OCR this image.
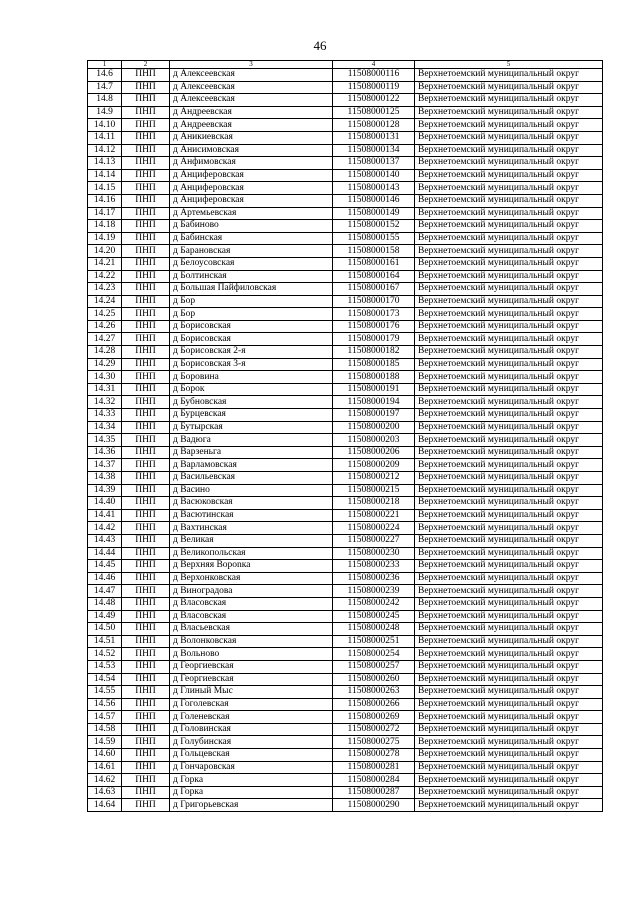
46
1	2	3	4	5
14.6	ПНП	д Алексеевская	11508000116	Верхнетоемский муниципальный округ
14.7	ПНП	д Алексеевская	11508000119	Верхнетоемский муниципальный округ
14.8	ПНП	д Алексеевская	11508000122	Верхнетоемский муниципальный округ
14.9	ПНП	д Андреевская	11508000125	Верхнетоемский муниципальный округ
14.10	ПНП	д Андреевская	11508000128	Верхнетоемский муниципальный округ
14.11	ПНП	д Аникиевская	11508000131	Верхнетоемский муниципальный округ
14.12	ПНП	д Анисимовская	11508000134	Верхнетоемский муниципальный округ
14.13	ПНП	д Анфимовская	11508000137	Верхнетоемский муниципальный округ
14.14	ПНП	д Анциферовская	11508000140	Верхнетоемский муниципальный округ
14.15	ПНП	д Анциферовская	11508000143	Верхнетоемский муниципальный округ
14.16	ПНП	д Анциферовская	11508000146	Верхнетоемский муниципальный округ
14.17	ПНП	д Артемьевская	11508000149	Верхнетоемский муниципальный округ
14.18	ПНП	д Бабиново	11508000152	Верхнетоемский муниципальный округ
14.19	ПНП	д Бабинская	11508000155	Верхнетоемский муниципальный округ
14.20	ПНП	д Барановская	11508000158	Верхнетоемский муниципальный округ
14.21	ПНП	д Белоусовская	11508000161	Верхнетоемский муниципальный округ
14.22	ПНП	д Болтинская	11508000164	Верхнетоемский муниципальный округ
14.23	ПНП	д Большая Пайфиловская	11508000167	Верхнетоемский муниципальный округ
14.24	ПНП	д Бор	11508000170	Верхнетоемский муниципальный округ
14.25	ПНП	д Бор	11508000173	Верхнетоемский муниципальный округ
14.26	ПНП	д Борисовская	11508000176	Верхнетоемский муниципальный округ
14.27	ПНП	д Борисовская	11508000179	Верхнетоемский муниципальный округ
14.28	ПНП	д Борисовская 2-я	11508000182	Верхнетоемский муниципальный округ
14.29	ПНП	д Борисовская 3-я	11508000185	Верхнетоемский муниципальный округ
14.30	ПНП	д Боровина	11508000188	Верхнетоемский муниципальный округ
14.31	ПНП	д Борок	11508000191	Верхнетоемский муниципальный округ
14.32	ПНП	д Бубновская	11508000194	Верхнетоемский муниципальный округ
14.33	ПНП	д Бурцевская	11508000197	Верхнетоемский муниципальный округ
14.34	ПНП	д Бутырская	11508000200	Верхнетоемский муниципальный округ
14.35	ПНП	д Вадюга	11508000203	Верхнетоемский муниципальный округ
14.36	ПНП	д Варзеньга	11508000206	Верхнетоемский муниципальный округ
14.37	ПНП	д Варламовская	11508000209	Верхнетоемский муниципальный округ
14.38	ПНП	д Васильевская	11508000212	Верхнетоемский муниципальный округ
14.39	ПНП	д Васино	11508000215	Верхнетоемский муниципальный округ
14.40	ПНП	д Васюковская	11508000218	Верхнетоемский муниципальный округ
14.41	ПНП	д Васютинская	11508000221	Верхнетоемский муниципальный округ
14.42	ПНП	д Вахтинская	11508000224	Верхнетоемский муниципальный округ
14.43	ПНП	д Великая	11508000227	Верхнетоемский муниципальный округ
14.44	ПНП	д Великопольская	11508000230	Верхнетоемский муниципальный округ
14.45	ПНП	д Верхняя Ворonка	11508000233	Верхнетоемский муниципальный округ
14.46	ПНП	д Верхонковская	11508000236	Верхнетоемский муниципальный округ
14.47	ПНП	д Виноградова	11508000239	Верхнетоемский муниципальный округ
14.48	ПНП	д Власовская	11508000242	Верхнетоемский муниципальный округ
14.49	ПНП	д Власовская	11508000245	Верхнетоемский муниципальный округ
14.50	ПНП	д Власьевская	11508000248	Верхнетоемский муниципальный округ
14.51	ПНП	д Волонковская	11508000251	Верхнетоемский муниципальный округ
14.52	ПНП	д Вольново	11508000254	Верхнетоемский муниципальный округ
14.53	ПНП	д Георгиевская	11508000257	Верхнетоемский муниципальный округ
14.54	ПНП	д Георгиевская	11508000260	Верхнетоемский муниципальный округ
14.55	ПНП	д Глиный Мыс	11508000263	Верхнетоемский муниципальный округ
14.56	ПНП	д Гоголевская	11508000266	Верхнетоемский муниципальный округ
14.57	ПНП	д Голеневская	11508000269	Верхнетоемский муниципальный округ
14.58	ПНП	д Головинская	11508000272	Верхнетоемский муниципальный округ
14.59	ПНП	д Голубинская	11508000275	Верхнетоемский муниципальный округ
14.60	ПНП	д Гольцевская	11508000278	Верхнетоемский муниципальный округ
14.61	ПНП	д Гончаровская	11508000281	Верхнетоемский муниципальный округ
14.62	ПНП	д Горка	11508000284	Верхнетоемский муниципальный округ
14.63	ПНП	д Горка	11508000287	Верхнетоемский муниципальный округ
14.64	ПНП	д Григорьевская	11508000290	Верхнетоемский муниципальный округ
